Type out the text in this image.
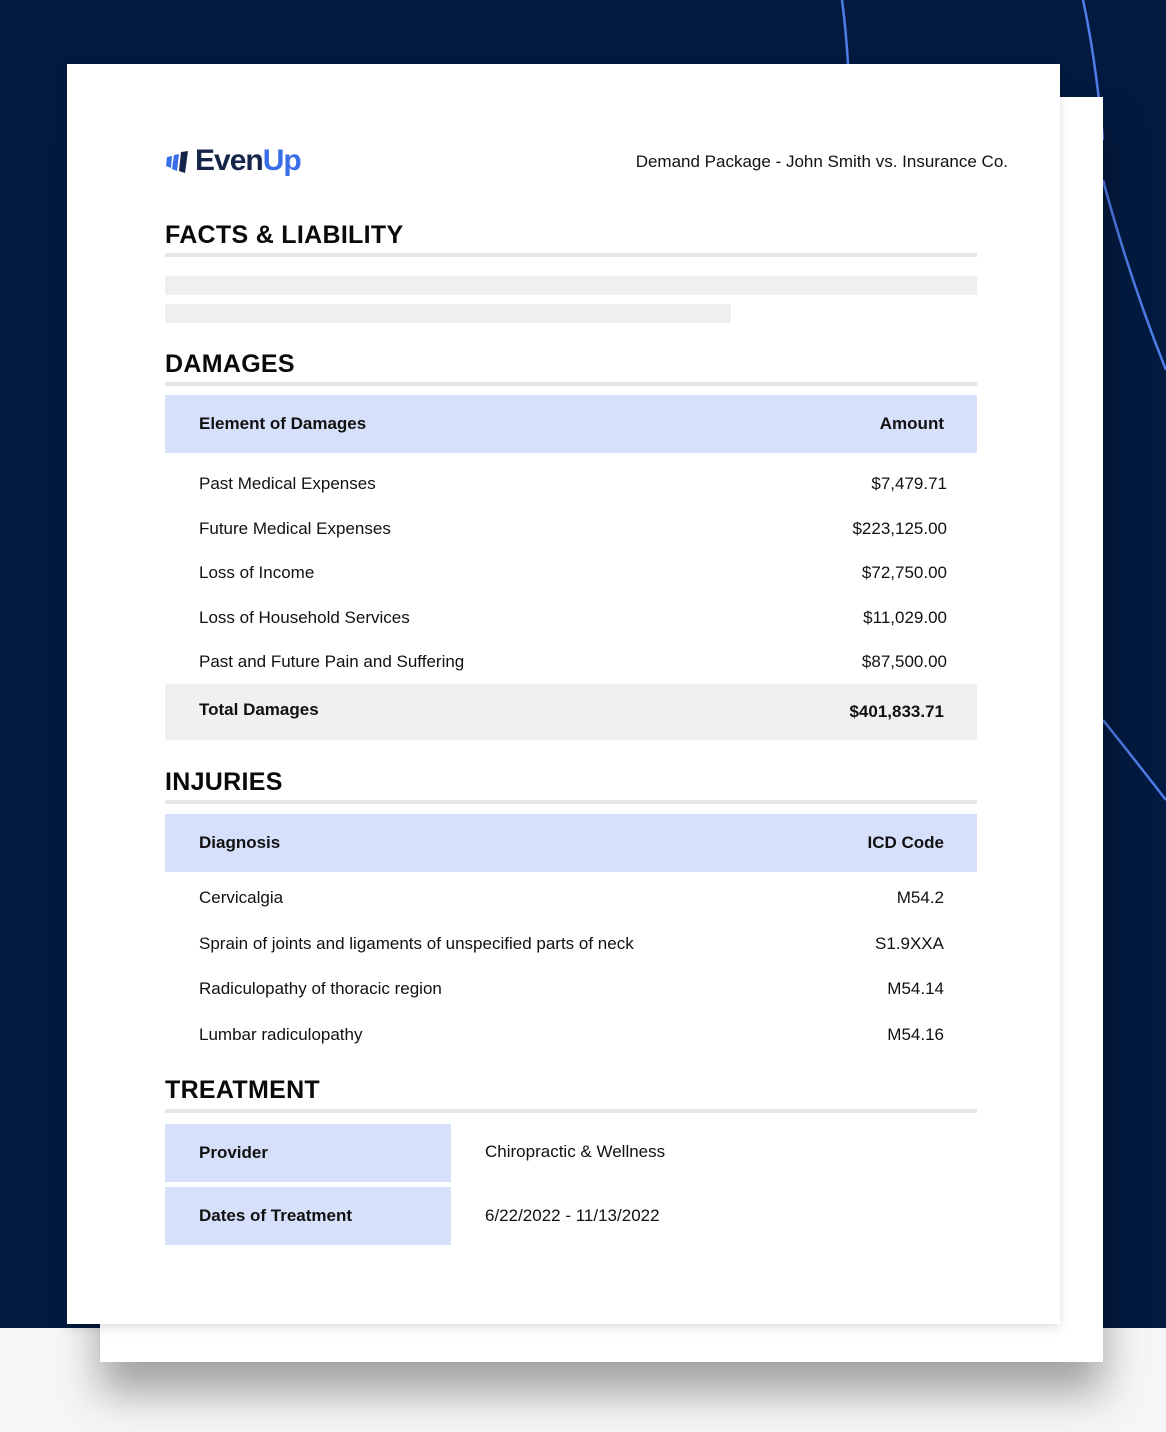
EvenUp	Demand Package - John Smith vs. Insurance Co.
FACTS & LIABILITY
DAMAGES
Element of Damages	Amount
Past Medical Expenses	$7,479.71
Future Medical Expenses	$223,125.00
Loss of Income	$72,750.00
Loss of Household Services	$11,029.00
Past and Future Pain and Suffering	$87,500.00
Total Damages	$401,833.71
INJURIES
Diagnosis	ICD Code
Cervicalgia	M54.2
Sprain of joints and ligaments of unspecified parts of neck	S1.9XXA
Radiculopathy of thoracic region	M54.14
Lumbar radiculopathy	M54.16
TREATMENT
Provider	Chiropractic & Wellness
Dates of Treatment	6/22/2022 - 11/13/2022
